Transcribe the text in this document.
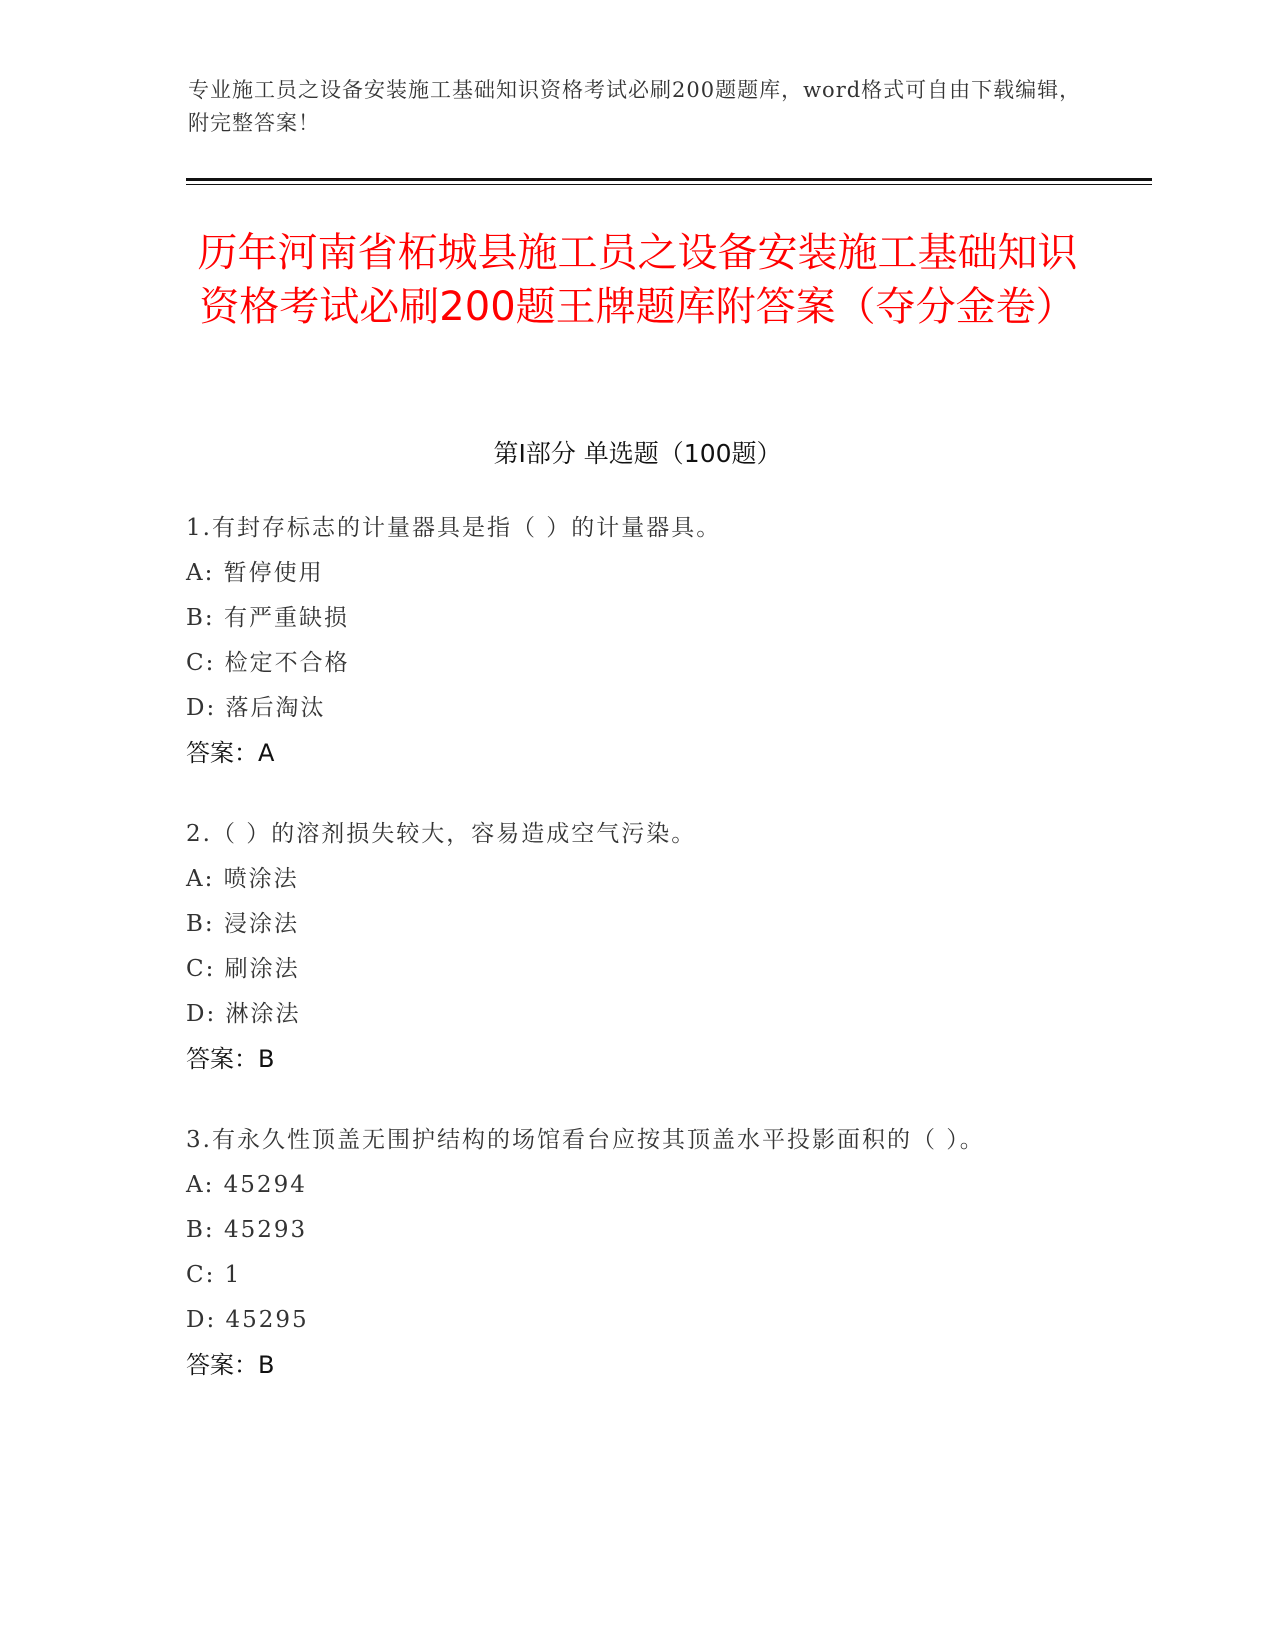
专业施工员之设备安装施工基础知识资格考试必刷200题题库，word格式可自由下载编辑，附完整答案！
历年河南省柘城县施工员之设备安装施工基础知识资格考试必刷200题王牌题库附答案（夺分金卷）
第Ⅰ部分 单选题（100题）
1.有封存标志的计量器具是指（ ）的计量器具。
A: 暂停使用
B: 有严重缺损
C: 检定不合格
D: 落后淘汰
答案：A
2.（ ）的溶剂损失较大，容易造成空气污染。
A: 喷涂法
B: 浸涂法
C: 刷涂法
D: 淋涂法
答案：B
3.有永久性顶盖无围护结构的场馆看台应按其顶盖水平投影面积的（ ）。
A: 45294
B: 45293
C: 1
D: 45295
答案：B
